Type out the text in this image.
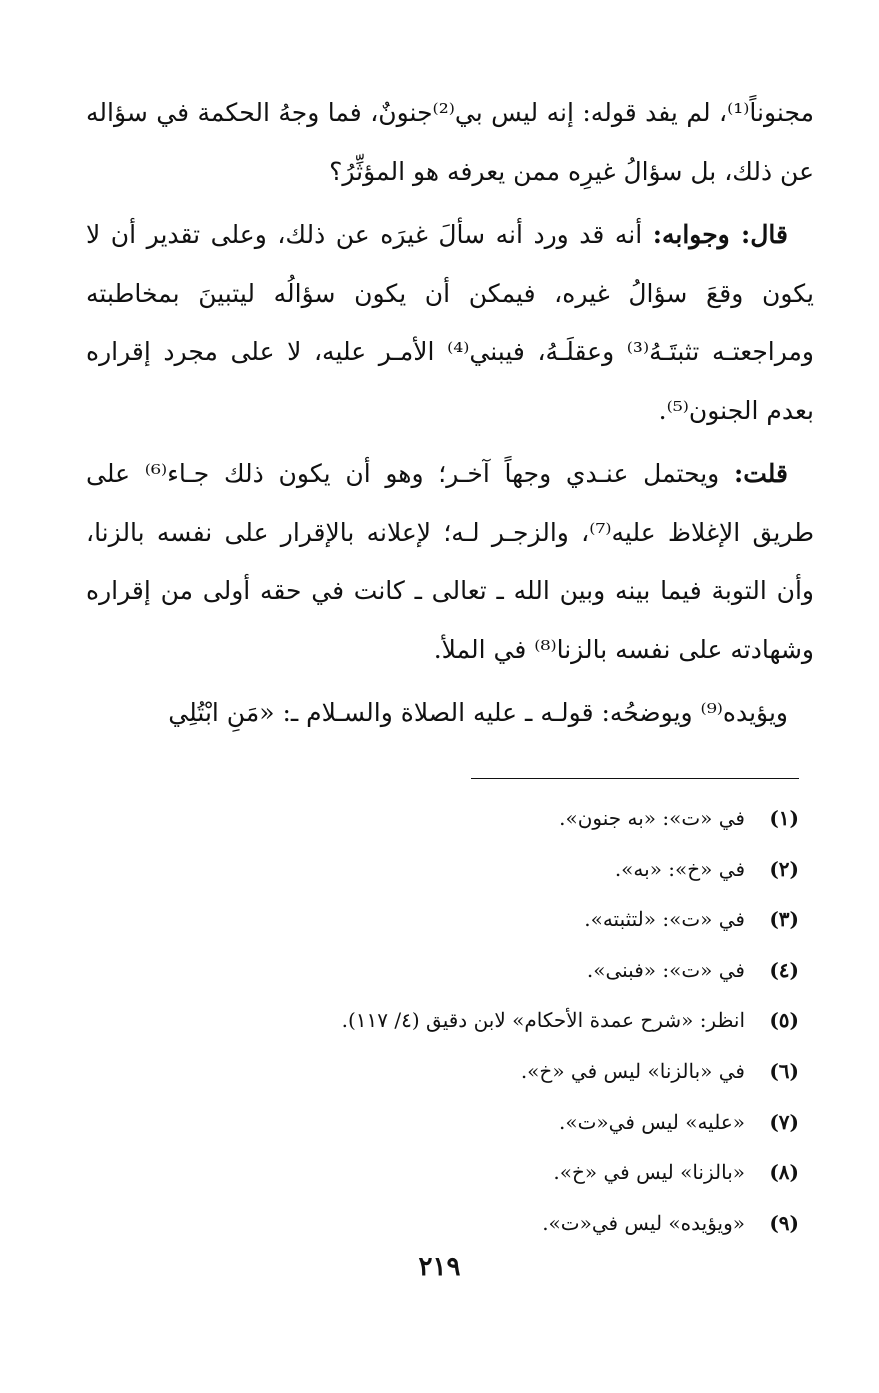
مجنوناً⁽¹⁾، لم يفد قوله: إنه ليس بي⁽²⁾جنونٌ، فما وجهُ الحكمة في سؤاله عن ذلك، بل سؤالُ غيرِه ممن يعرفه هو المؤثِّرُ؟

قال: وجوابه: أنه قد ورد أنه سألَ غيرَه عن ذلك، وعلى تقدير أن لا يكون وقعَ سؤالُ غيره، فيمكن أن يكون سؤالُه ليتبينَ بمخاطبته ومراجعتـه تثبتَـهُ⁽³⁾ وعقلَـهُ، فيبني⁽⁴⁾ الأمـر عليه، لا على مجرد إقراره بعدم الجنون⁽⁵⁾.

قلت: ويحتمل عنـدي وجهاً آخـر؛ وهو أن يكون ذلك جـاء⁽⁶⁾ على طريق الإغلاظ عليه⁽⁷⁾، والزجـر لـه؛ لإعلانه بالإقرار على نفسه بالزنا، وأن التوبة فيما بينه وبين الله ـ تعالى ـ كانت في حقه أولى من إقراره وشهادته على نفسه بالزنا⁽⁸⁾ في الملأ.

ويؤيده⁽⁹⁾ ويوضحُه: قولـه ـ عليه الصلاة والسـلام ـ: «مَنِ ابْتُلِي

(١)في «ت»: «به جنون».
(٢)في «خ»: «به».
(٣)في «ت»: «لتثبته».
(٤)في «ت»: «فبنى».
(٥)انظر: «شرح عمدة الأحكام» لابن دقيق (٤/ ١١٧).
(٦)في «بالزنا» ليس في «خ».
(٧)«عليه» ليس في«ت».
(٨)«بالزنا» ليس في «خ».
(٩)«ويؤيده» ليس في«ت».
٢١٩
